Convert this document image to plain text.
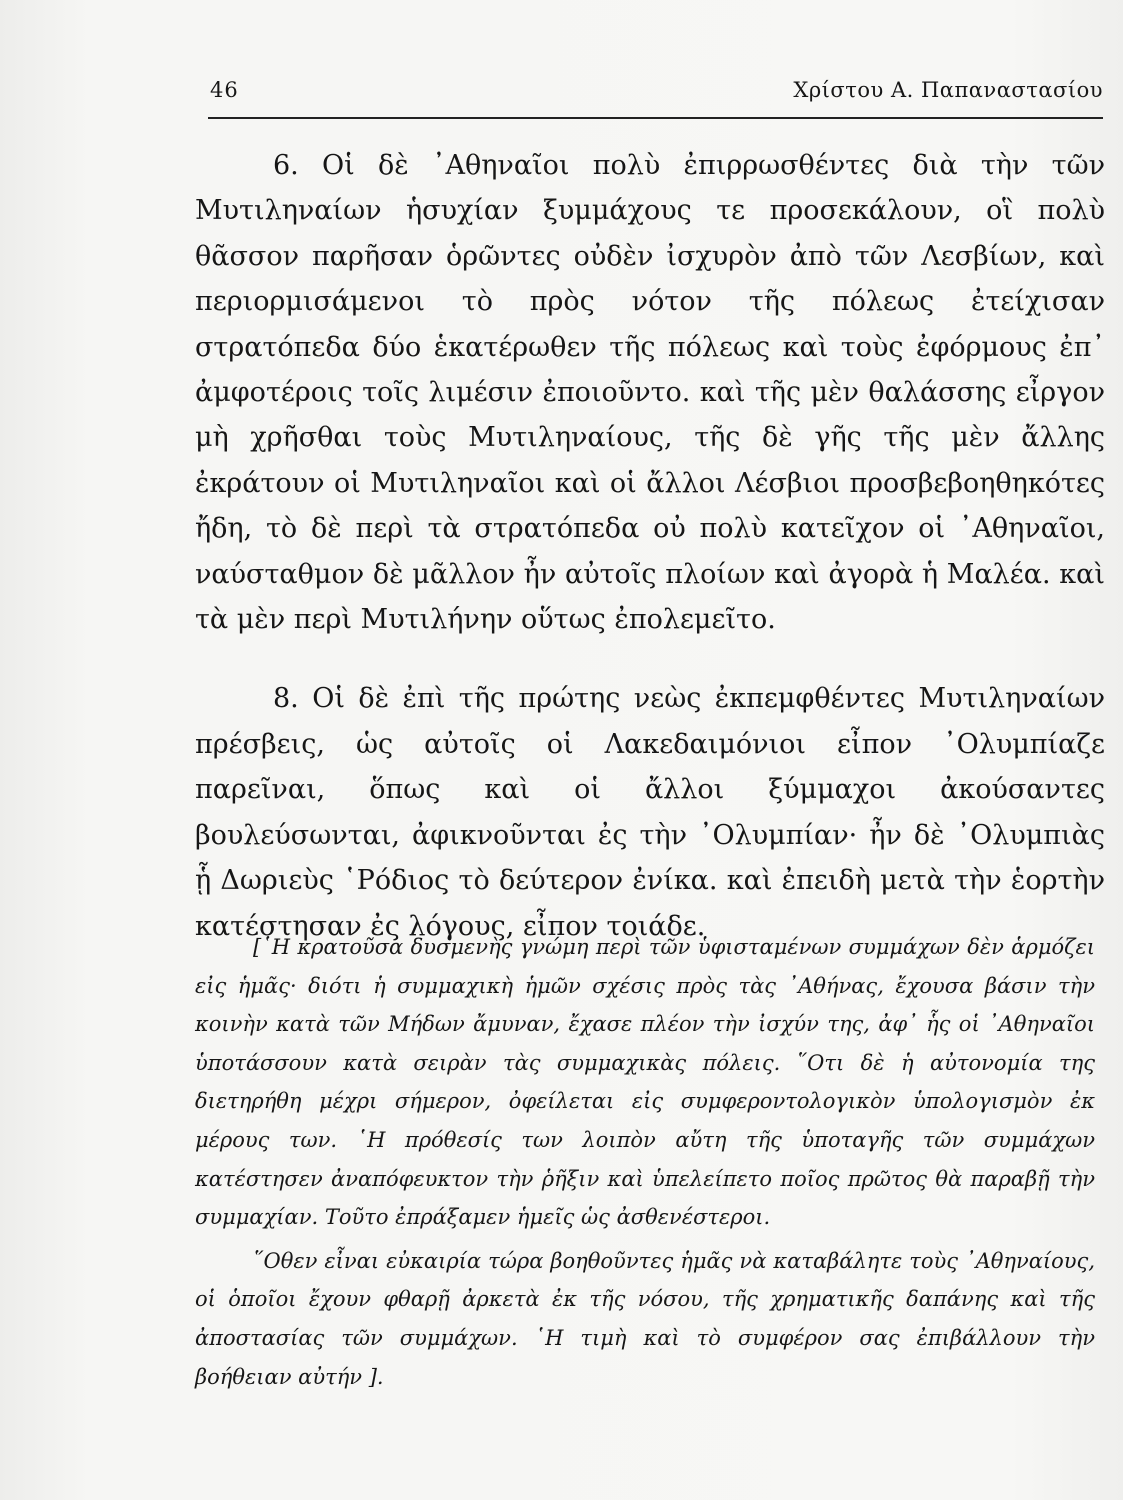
46	Χρίστου Α. Παπαναστασίου

6. Οἱ δὲ ᾿Αθηναῖοι πολὺ ἐπιρρωσθέντες διὰ τὴν τῶν Μυτιληναίων ἡσυχίαν ξυμμάχους τε προσεκάλουν, οἳ πολὺ θᾶσσον παρῆσαν ὁρῶντες οὐδὲν ἰσχυρὸν ἀπὸ τῶν Λεσβίων, καὶ περιορμισάμενοι τὸ πρὸς νότον τῆς πόλεως ἐτείχισαν στρατόπεδα δύο ἑκατέρωθεν τῆς πόλεως καὶ τοὺς ἐφόρμους ἐπ᾿ ἀμφοτέροις τοῖς λιμέσιν ἐποιοῦντο. καὶ τῆς μὲν θαλάσσης εἶργον μὴ χρῆσθαι τοὺς Μυτιληναίους, τῆς δὲ γῆς τῆς μὲν ἄλλης ἐκράτουν οἱ Μυτιληναῖοι καὶ οἱ ἄλλοι Λέσβιοι προσβεβοηθηκότες ἤδη, τὸ δὲ περὶ τὰ στρατόπεδα οὐ πολὺ κατεῖχον οἱ ᾿Αθηναῖοι, ναύσταθμον δὲ μᾶλλον ἦν αὐτοῖς πλοίων καὶ ἀγορὰ ἡ Μαλέα. καὶ τὰ μὲν περὶ Μυτιλήνην οὕτως ἐπολεμεῖτο.

8. Οἱ δὲ ἐπὶ τῆς πρώτης νεὼς ἐκπεμφθέντες Μυτιληναίων πρέσβεις, ὡς αὐτοῖς οἱ Λακεδαιμόνιοι εἶπον ᾿Ολυμπίαζε παρεῖναι, ὅπως καὶ οἱ ἄλλοι ξύμμαχοι ἀκούσαντες βουλεύσωνται, ἀφικνοῦνται ἐς τὴν ᾿Ολυμπίαν· ἦν δὲ ᾿Ολυμπιὰς ᾗ Δωριεὺς ῾Ρόδιος τὸ δεύτερον ἐνίκα. καὶ ἐπειδὴ μετὰ τὴν ἑορτὴν κατέστησαν ἐς λόγους, εἶπον τοιάδε.

[῾Η κρατοῦσα δυσμενὴς γνώμη περὶ τῶν ὑφισταμένων συμμάχων δὲν ἁρμόζει εἰς ἡμᾶς· διότι ἡ συμμαχικὴ ἡμῶν σχέσις πρὸς τὰς ᾿Αθήνας, ἔχουσα βάσιν τὴν κοινὴν κατὰ τῶν Μήδων ἄμυναν, ἔχασε πλέον τὴν ἰσχύν της, ἀφ᾿ ἧς οἱ ᾿Αθηναῖοι ὑποτάσσουν κατὰ σειρὰν τὰς συμμαχικὰς πόλεις. ῞Οτι δὲ ἡ αὐτονομία της διετηρήθη μέχρι σήμερον, ὀφείλεται εἰς συμφεροντολογικὸν ὑπολογισμὸν ἐκ μέρους των. ῾Η πρόθεσίς των λοιπὸν αὔτη τῆς ὑποταγῆς τῶν συμμάχων κατέστησεν ἀναπόφευκτον τὴν ῥῆξιν καὶ ὑπελείπετο ποῖος πρῶτος θὰ παραβῇ τὴν συμμαχίαν. Τοῦτο ἐπράξαμεν ἡμεῖς ὡς ἀσθενέστεροι.

῞Οθεν εἶναι εὐκαιρία τώρα βοηθοῦντες ἡμᾶς νὰ καταβάλητε τοὺς ᾿Αθηναίους, οἱ ὁποῖοι ἔχουν φθαρῇ ἀρκετὰ ἐκ τῆς νόσου, τῆς χρηματικῆς δαπάνης καὶ τῆς ἀποστασίας τῶν συμμάχων. ῾Η τιμὴ καὶ τὸ συμφέρον σας ἐπιβάλλουν τὴν βοήθειαν αὐτήν ].
